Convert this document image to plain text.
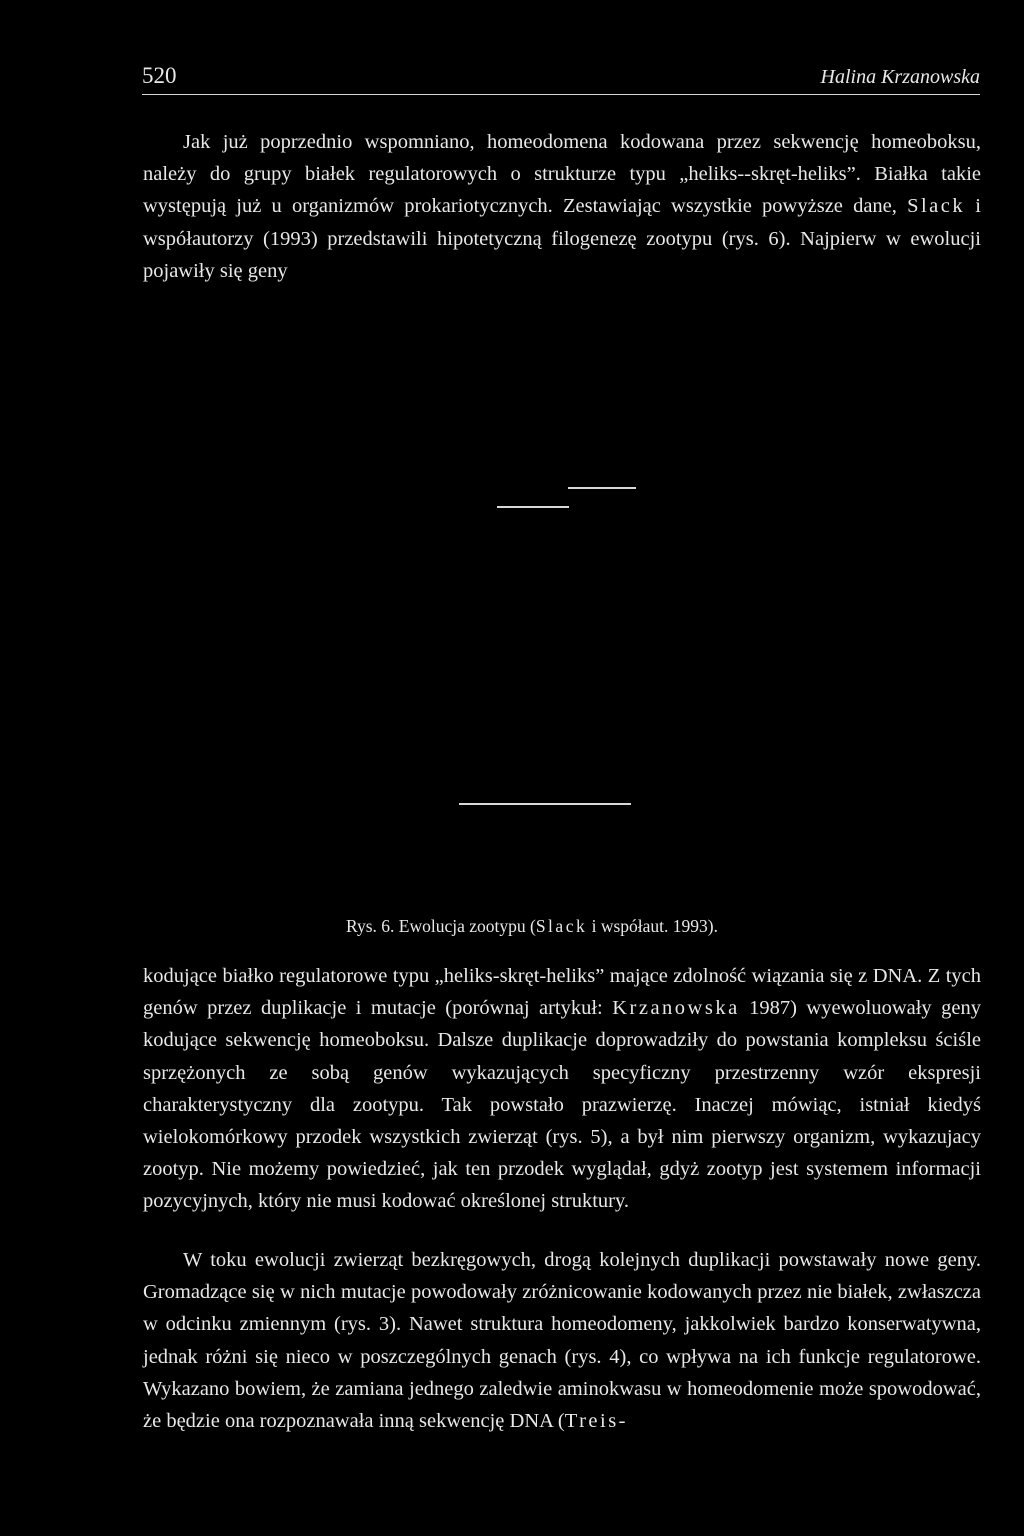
520	Halina Krzanowska

Jak już poprzednio wspomniano, homeodomena kodowana przez sekwencję homeoboksu, należy do grupy białek regulatorowych o strukturze typu „heliks--skręt-heliks”. Białka takie występują już u organizmów prokariotycznych. Zestawiając wszystkie powyższe dane, Slack i współautorzy (1993) przedstawili hipotetyczną filogenezę zootypu (rys. 6). Najpierw w ewolucji pojawiły się geny

Rys. 6. Ewolucja zootypu (Slack i współaut. 1993).

kodujące białko regulatorowe typu „heliks-skręt-heliks” mające zdolność wiązania się z DNA. Z tych genów przez duplikacje i mutacje (porównaj artykuł: Krzanowska 1987) wyewoluowały geny kodujące sekwencję homeoboksu. Dalsze duplikacje doprowadziły do powstania kompleksu ściśle sprzężonych ze sobą genów wykazujących specyficzny przestrzenny wzór ekspresji charakterystyczny dla zootypu. Tak powstało prazwierzę. Inaczej mówiąc, istniał kiedyś wielokomórkowy przodek wszystkich zwierząt (rys. 5), a był nim pierwszy organizm, wykazujacy zootyp. Nie możemy powiedzieć, jak ten przodek wyglądał, gdyż zootyp jest systemem informacji pozycyjnych, który nie musi kodować określonej struktury.

W toku ewolucji zwierząt bezkręgowych, drogą kolejnych duplikacji powstawały nowe geny. Gromadzące się w nich mutacje powodowały zróżnicowanie kodowanych przez nie białek, zwłaszcza w odcinku zmiennym (rys. 3). Nawet struktura homeodomeny, jakkolwiek bardzo konserwatywna, jednak różni się nieco w poszczególnych genach (rys. 4), co wpływa na ich funkcje regulatorowe. Wykazano bowiem, że zamiana jednego zaledwie aminokwasu w homeodomenie może spowodować, że będzie ona rozpoznawała inną sekwencję DNA (Treis-
